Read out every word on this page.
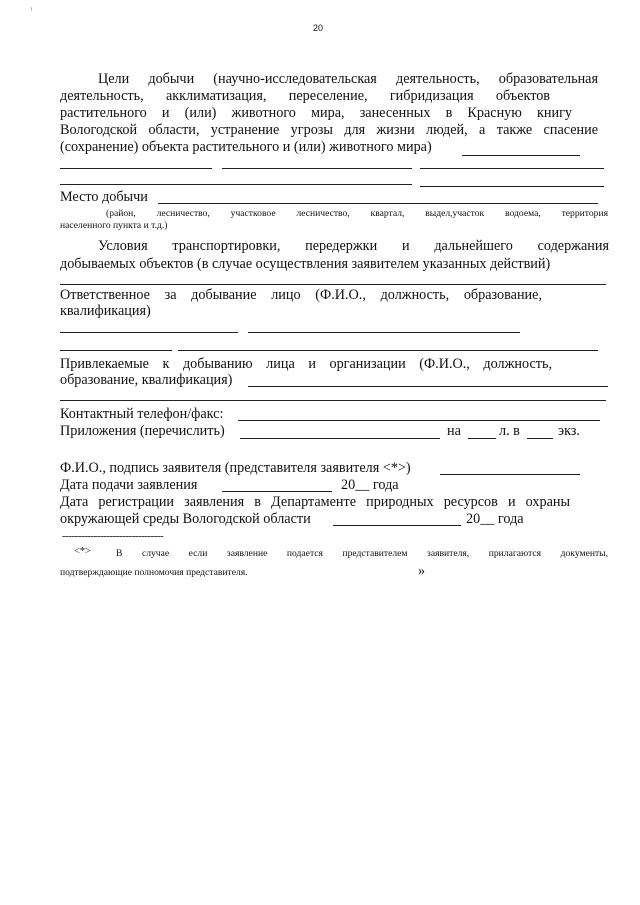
20
Цели добычи (научно-исследовательская деятельность, образовательная
деятельность, акклиматизация, переселение, гибридизация объектов
растительного и (или) животного мира, занесенных в Красную книгу
Вологодской области, устранение угрозы для жизни людей, а также спасение
(сохранение) объекта растительного и (или) животного мира)
Место добычи
(район, лесничество, участковое лесничество, квартал, выдел,участок водоема, территория
населенного пункта и т.д.)
Условия транспортировки, передержки и дальнейшего содержания
добываемых объектов (в случае осуществления заявителем указанных действий)
Ответственное за добывание лицо (Ф.И.О., должность, образование,
квалификация)
Привлекаемые к добыванию лица и организации (Ф.И.О., должность,
образование, квалификация)
Контактный телефон/факс:
Приложения (перечислить)	на	л. в	экз.
Ф.И.О., подпись заявителя (представителя заявителя <*>)
Дата подачи заявления	20__ года
Дата регистрации заявления в Департаменте природных ресурсов и охраны
окружающей среды Вологодской области	20__ года
--------------------------------
<*>	В случае если заявление подается представителем заявителя, прилагаются документы,
подтверждающие полномочия представителя.	»
